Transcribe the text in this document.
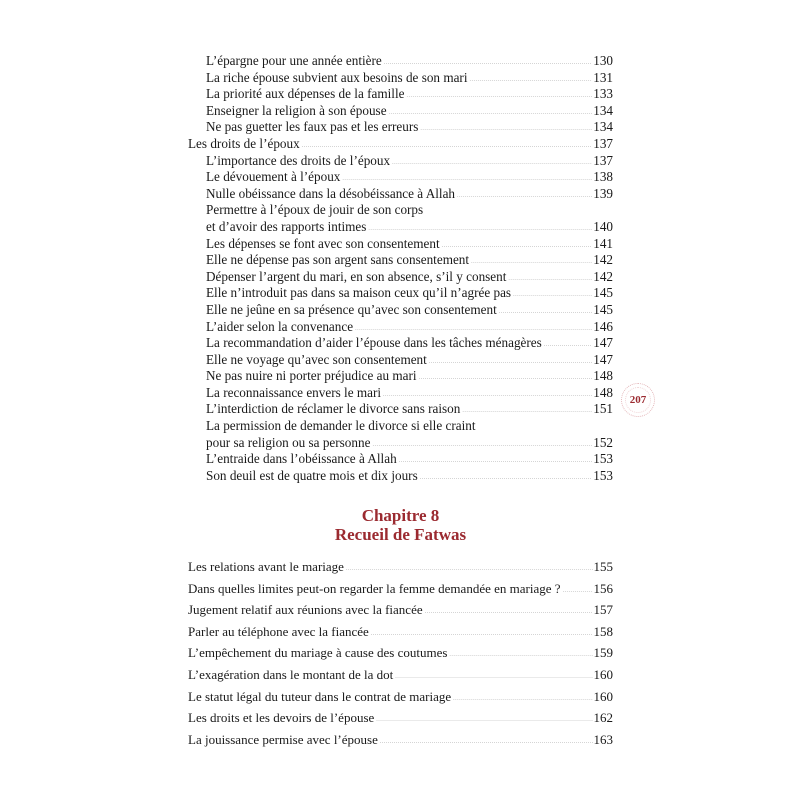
L’épargne pour une année entière .....	130
La riche épouse subvient aux besoins de son mari .....	131
La priorité aux dépenses de la famille .....	133
Enseigner la religion à son épouse .....	134
Ne pas guetter les faux pas et les erreurs .....	134
Les droits de l’époux .....	137
L’importance des droits de l’époux .....	137
Le dévouement à l’époux .....	138
Nulle obéissance dans la désobéissance à Allah .....	139
Permettre à l’époux de jouir de son corps
et d’avoir des rapports intimes .....	140
Les dépenses se font avec son consentement .....	141
Elle ne dépense pas son argent sans consentement .....	142
Dépenser l’argent du mari, en son absence, s’il y consent .....	142
Elle n’introduit pas dans sa maison ceux qu’il n’agrée pas .....	145
Elle ne jeûne en sa présence qu’avec son consentement .....	145
L’aider selon la convenance .....	146
La recommandation d’aider l’épouse dans les tâches ménagères .....	147
Elle ne voyage qu’avec son consentement .....	147
Ne pas nuire ni porter préjudice au mari .....	148
La reconnaissance envers le mari .....	148
L’interdiction de réclamer le divorce sans raison .....	151
La permission de demander le divorce si elle craint
pour sa religion ou sa personne .....	152
L’entraide dans l’obéissance à Allah .....	153
Son deuil est de quatre mois et dix jours .....	153
Chapitre 8
Recueil de Fatwas
Les relations avant le mariage .....	155
Dans quelles limites peut-on regarder la femme demandée en mariage ? .....	156
Jugement relatif aux réunions avec la fiancée .....	157
Parler au téléphone avec la fiancée .....	158
L’empêchement du mariage à cause des coutumes .....	159
L’exagération dans le montant de la dot .....	160
Le statut légal du tuteur dans le contrat de mariage .....	160
Les droits et les devoirs de l’épouse .....	162
La jouissance permise avec l’épouse .....	163
207
